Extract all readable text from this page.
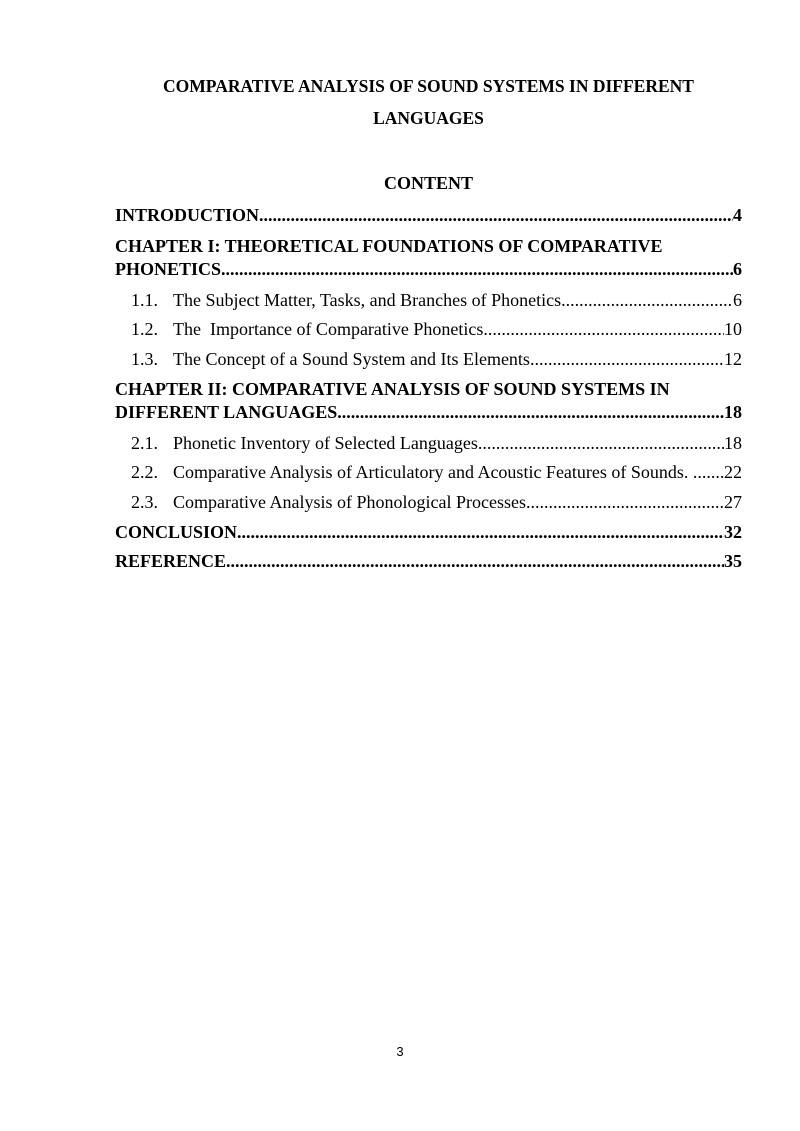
COMPARATIVE ANALYSIS OF SOUND SYSTEMS IN DIFFERENT
LANGUAGES
CONTENT
INTRODUCTION .....	4
CHAPTER I: THEORETICAL FOUNDATIONS OF COMPARATIVE
PHONETICS .....	6
1.1. The Subject Matter, Tasks, and Branches of Phonetics .....	6
1.2. The  Importance of Comparative Phonetics .....	10
1.3. The Concept of a Sound System and Its Elements .....	12
CHAPTER II: COMPARATIVE ANALYSIS OF SOUND SYSTEMS IN
DIFFERENT LANGUAGES .....	18
2.1. Phonetic Inventory of Selected Languages .....	18
2.2. Comparative Analysis of Articulatory and Acoustic Features of Sounds. ..... 22
2.3. Comparative Analysis of Phonological Processes .....	27
CONCLUSION .....	32
REFERENCE .....	35
3
